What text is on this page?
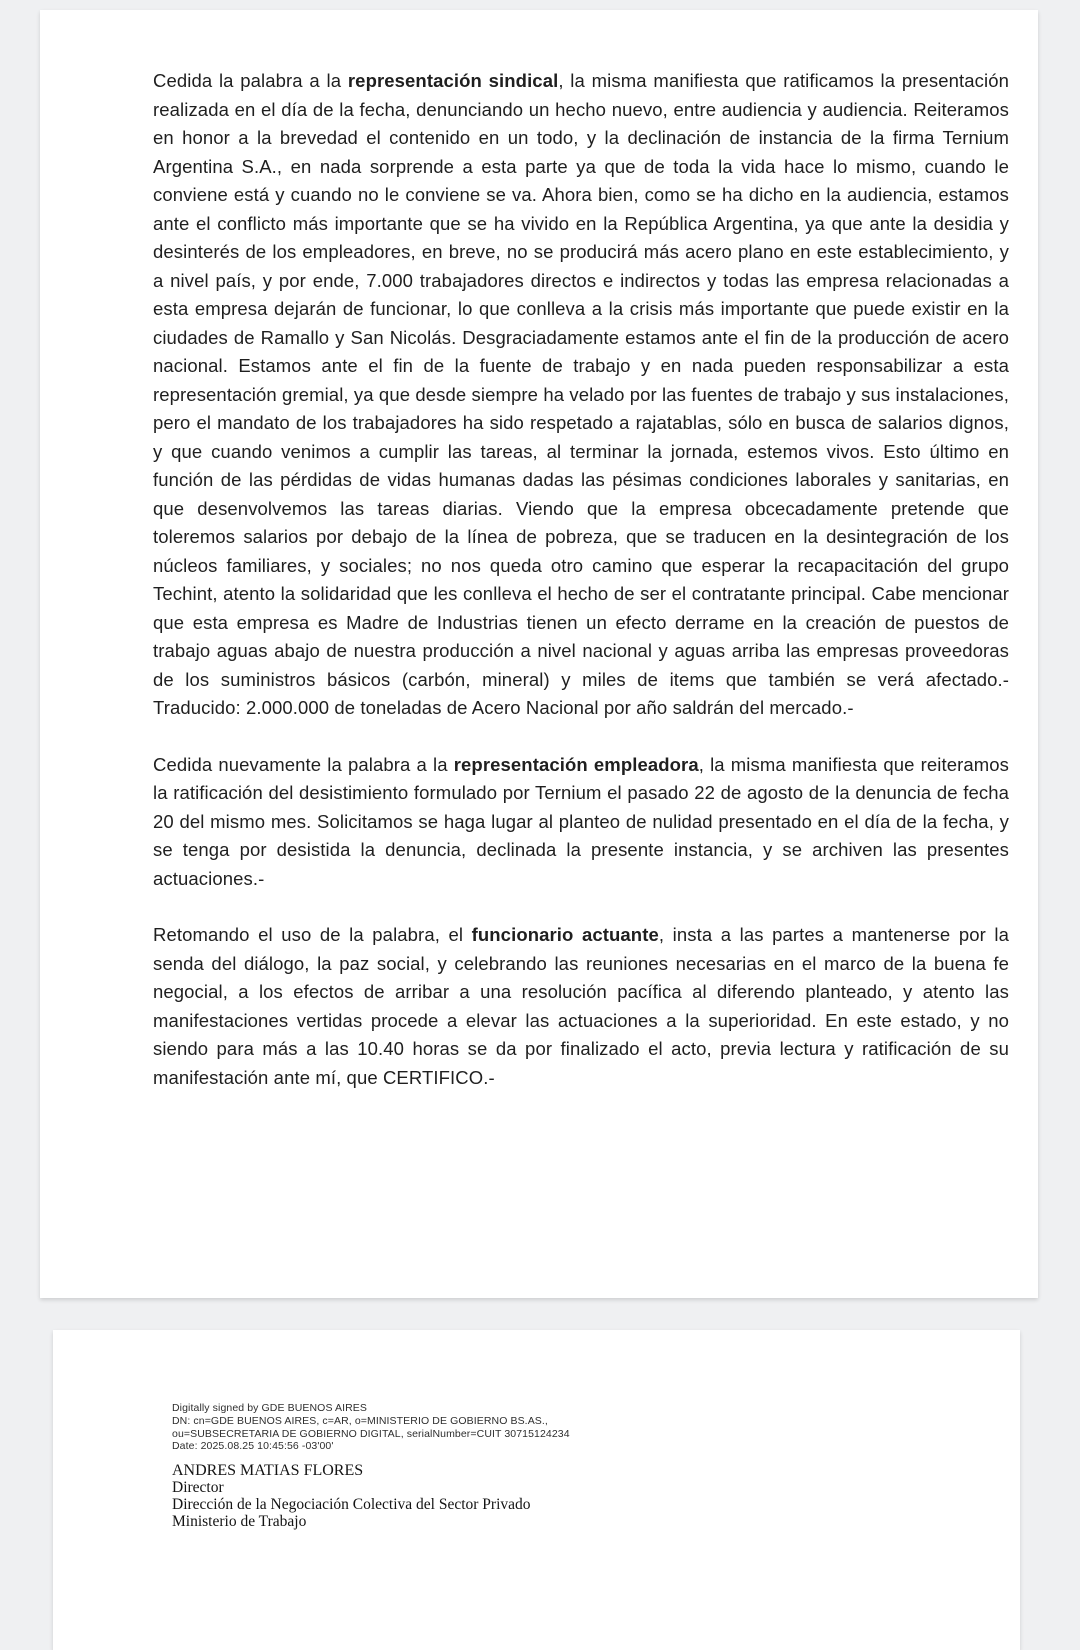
Cedida la palabra a la representación sindical, la misma manifiesta que ratificamos la presentación realizada en el día de la fecha, denunciando un hecho nuevo, entre audiencia y audiencia. Reiteramos en honor a la brevedad el contenido en un todo, y la declinación de instancia de la firma Ternium Argentina S.A., en nada sorprende a esta parte ya que de toda la vida hace lo mismo, cuando le conviene está y cuando no le conviene se va. Ahora bien, como se ha dicho en la audiencia, estamos ante el conflicto más importante que se ha vivido en la República Argentina, ya que ante la desidia y desinterés de los empleadores, en breve, no se producirá más acero plano en este establecimiento, y a nivel país, y por ende, 7.000 trabajadores directos e indirectos y todas las empresa relacionadas a esta empresa dejarán de funcionar, lo que conlleva a la crisis más importante que puede existir en la ciudades de Ramallo y San Nicolás. Desgraciadamente estamos ante el fin de la producción de acero nacional. Estamos ante el fin de la fuente de trabajo y en nada pueden responsabilizar a esta representación gremial, ya que desde siempre ha velado por las fuentes de trabajo y sus instalaciones, pero el mandato de los trabajadores ha sido respetado a rajatablas, sólo en busca de salarios dignos, y que cuando venimos a cumplir las tareas, al terminar la jornada, estemos vivos. Esto último en función de las pérdidas de vidas humanas dadas las pésimas condiciones laborales y sanitarias, en que desenvolvemos las tareas diarias. Viendo que la empresa obcecadamente pretende que toleremos salarios por debajo de la línea de pobreza, que se traducen en la desintegración de los núcleos familiares, y sociales; no nos queda otro camino que esperar la recapacitación del grupo Techint, atento la solidaridad que les conlleva el hecho de ser el contratante principal. Cabe mencionar que esta empresa es Madre de Industrias tienen un efecto derrame en la creación de puestos de trabajo aguas abajo de nuestra producción a nivel nacional y aguas arriba las empresas proveedoras de los suministros básicos (carbón, mineral) y miles de items que también se verá afectado.- Traducido: 2.000.000 de toneladas de Acero Nacional por año saldrán del mercado.-

Cedida nuevamente la palabra a la representación empleadora, la misma manifiesta que reiteramos la ratificación del desistimiento formulado por Ternium el pasado 22 de agosto de la denuncia de fecha 20 del mismo mes. Solicitamos se haga lugar al planteo de nulidad presentado en el día de la fecha, y se tenga por desistida la denuncia, declinada la presente instancia, y se archiven las presentes actuaciones.-

Retomando el uso de la palabra, el funcionario actuante, insta a las partes a mantenerse por la senda del diálogo, la paz social, y celebrando las reuniones necesarias en el marco de la buena fe negocial, a los efectos de arribar a una resolución pacífica al diferendo planteado, y atento las manifestaciones vertidas procede a elevar las actuaciones a la superioridad. En este estado, y no siendo para más a las 10.40 horas se da por finalizado el acto, previa lectura y ratificación de su manifestación ante mí, que CERTIFICO.-

Digitally signed by GDE BUENOS AIRES
DN: cn=GDE BUENOS AIRES, c=AR, o=MINISTERIO DE GOBIERNO BS.AS.,
ou=SUBSECRETARIA DE GOBIERNO DIGITAL, serialNumber=CUIT 30715124234
Date: 2025.08.25 10:45:56 -03'00'
ANDRES MATIAS FLORES
Director
Dirección de la Negociación Colectiva del Sector Privado
Ministerio de Trabajo
